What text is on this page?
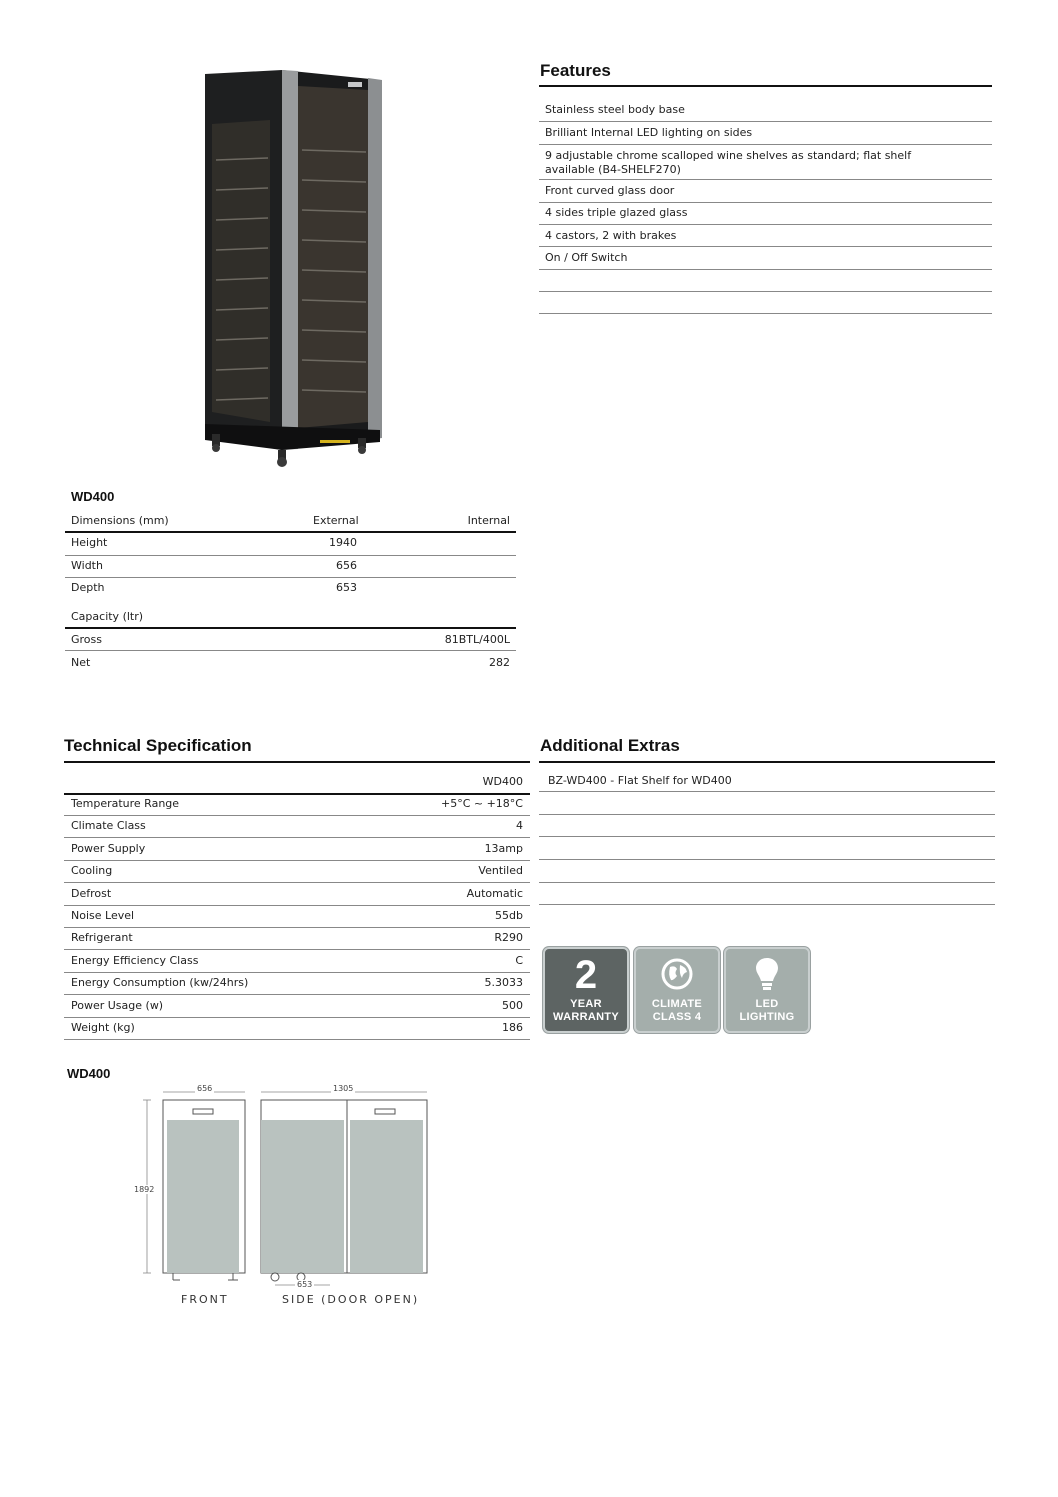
Features
Stainless steel body base
Brilliant Internal LED lighting on sides
9 adjustable chrome scalloped wine shelves as standard; flat shelf available (B4-SHELF270)
Front curved glass door
4 sides triple glazed glass
4 castors, 2 with brakes
On / Off Switch
WD400
Dimensions (mm)	External	Internal
Height	1940
Width	656
Depth	653
Capacity (ltr)
Gross	81BTL/400L
Net	282
Technical Specification
WD400
Temperature Range	+5°C ~ +18°C
Climate Class	4
Power Supply	13amp
Cooling	Ventiled
Defrost	Automatic
Noise Level	55db
Refrigerant	R290
Energy Efficiency Class	C
Energy Consumption (kw/24hrs)	5.3033
Power Usage (w)	500
Weight (kg)	186
Additional Extras
BZ-WD400 - Flat Shelf for WD400
2
YEAR
WARRANTY
CLIMATE
CLASS 4
LED
LIGHTING
WD400
656	1305
1892
653
FRONT	SIDE (DOOR OPEN)
